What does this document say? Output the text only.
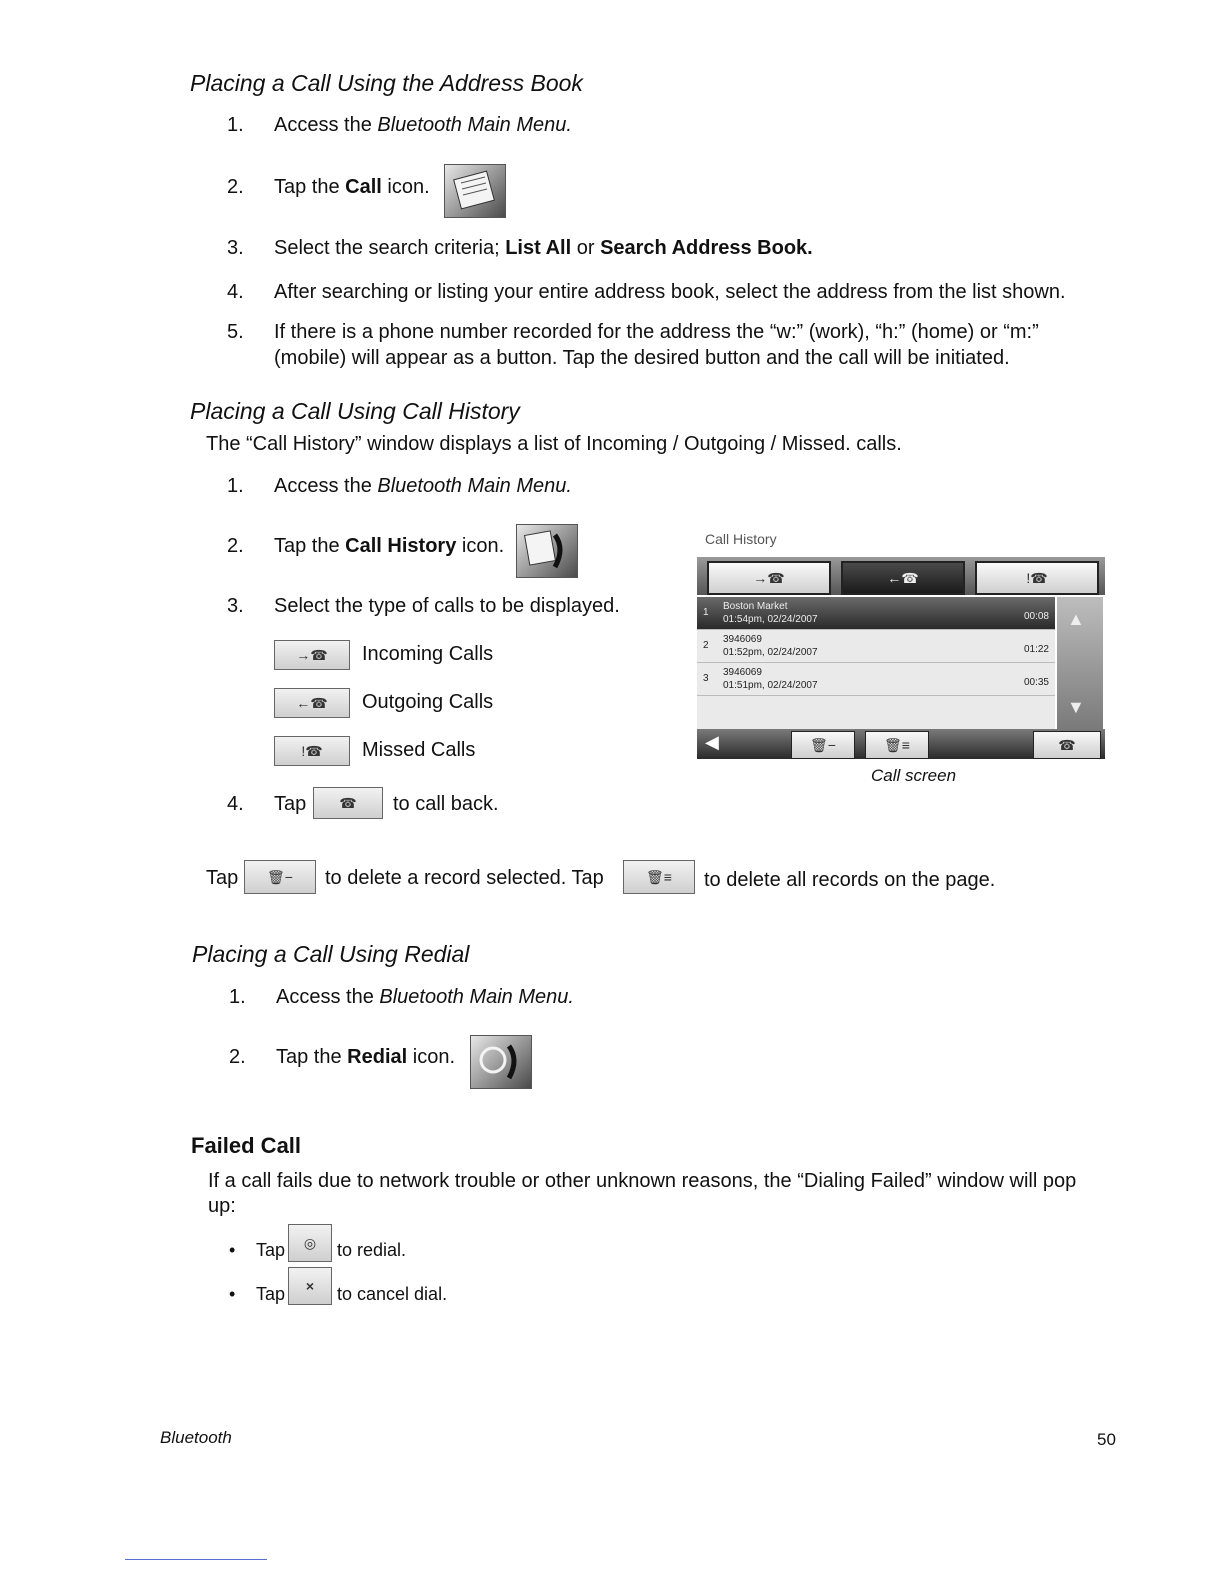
Placing a Call Using the Address Book
1. Access the Bluetooth Main Menu.
2. Tap the Call icon.
3. Select the search criteria; List All or Search Address Book.
4. After searching or listing your entire address book, select the address from the list shown.
5. If there is a phone number recorded for the address the “w:” (work), “h:” (home) or “m:”
(mobile) will appear as a button. Tap the desired button and the call will be initiated.
Placing a Call Using Call History
The “Call History” window displays a list of Incoming / Outgoing / Missed. calls.
1. Access the Bluetooth Main Menu.
2. Tap the Call History icon.
3. Select the type of calls to be displayed.
→☎	Incoming Calls
←☎	Outgoing Calls
!☎	Missed Calls
4. Tap	☎	to call back.
Call History
→☎	←☎	!☎
1
Boston Market
01:54pm, 02/24/2007	00:08
2
3946069
01:52pm, 02/24/2007	01:22
3
3946069
01:51pm, 02/24/2007	00:35
▲
▼
◀	🗑−	🗑≡	☎
Call screen
Tap	🗑−	to delete a record selected. Tap	🗑≡	to delete all records on the page.
Placing a Call Using Redial
1. Access the Bluetooth Main Menu.
2. Tap the Redial icon.
Failed Call
If a call fails due to network trouble or other unknown reasons, the “Dialing Failed” window will pop
up:
• Tap	◎	to redial.
• Tap	×	to cancel dial.
Bluetooth	50
